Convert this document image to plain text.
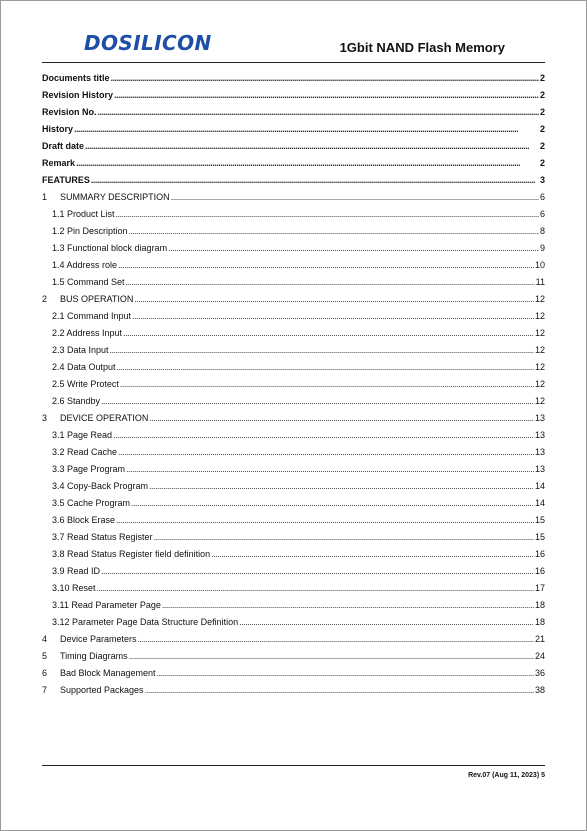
DOSILICON	1Gbit NAND Flash Memory
Documents title .....	2
Revision History .....	2
Revision No. .....	2
History .....	2
Draft date .....	2
Remark .....	2
FEATURES .....	3
1	SUMMARY DESCRIPTION .....	6
1.1 Product List .....	6
1.2 Pin Description .....	8
1.3 Functional block diagram .....	9
1.4 Address role .....	10
1.5 Command Set .....	11
2	BUS OPERATION .....	12
2.1 Command Input .....	12
2.2 Address Input .....	12
2.3 Data Input .....	12
2.4 Data Output .....	12
2.5 Write Protect .....	12
2.6 Standby .....	12
3	DEVICE OPERATION .....	13
3.1 Page Read .....	13
3.2 Read Cache .....	13
3.3 Page Program .....	13
3.4 Copy-Back Program .....	14
3.5 Cache Program .....	14
3.6 Block Erase .....	15
3.7 Read Status Register .....	15
3.8 Read Status Register field definition .....	16
3.9 Read ID .....	16
3.10 Reset .....	17
3.11 Read Parameter Page .....	18
3.12 Parameter Page Data Structure Definition .....	18
4	Device Parameters .....	21
5	Timing Diagrams .....	24
6	Bad Block Management .....	36
7	Supported Packages .....	38
Rev.07 (Aug 11, 2023) 5
